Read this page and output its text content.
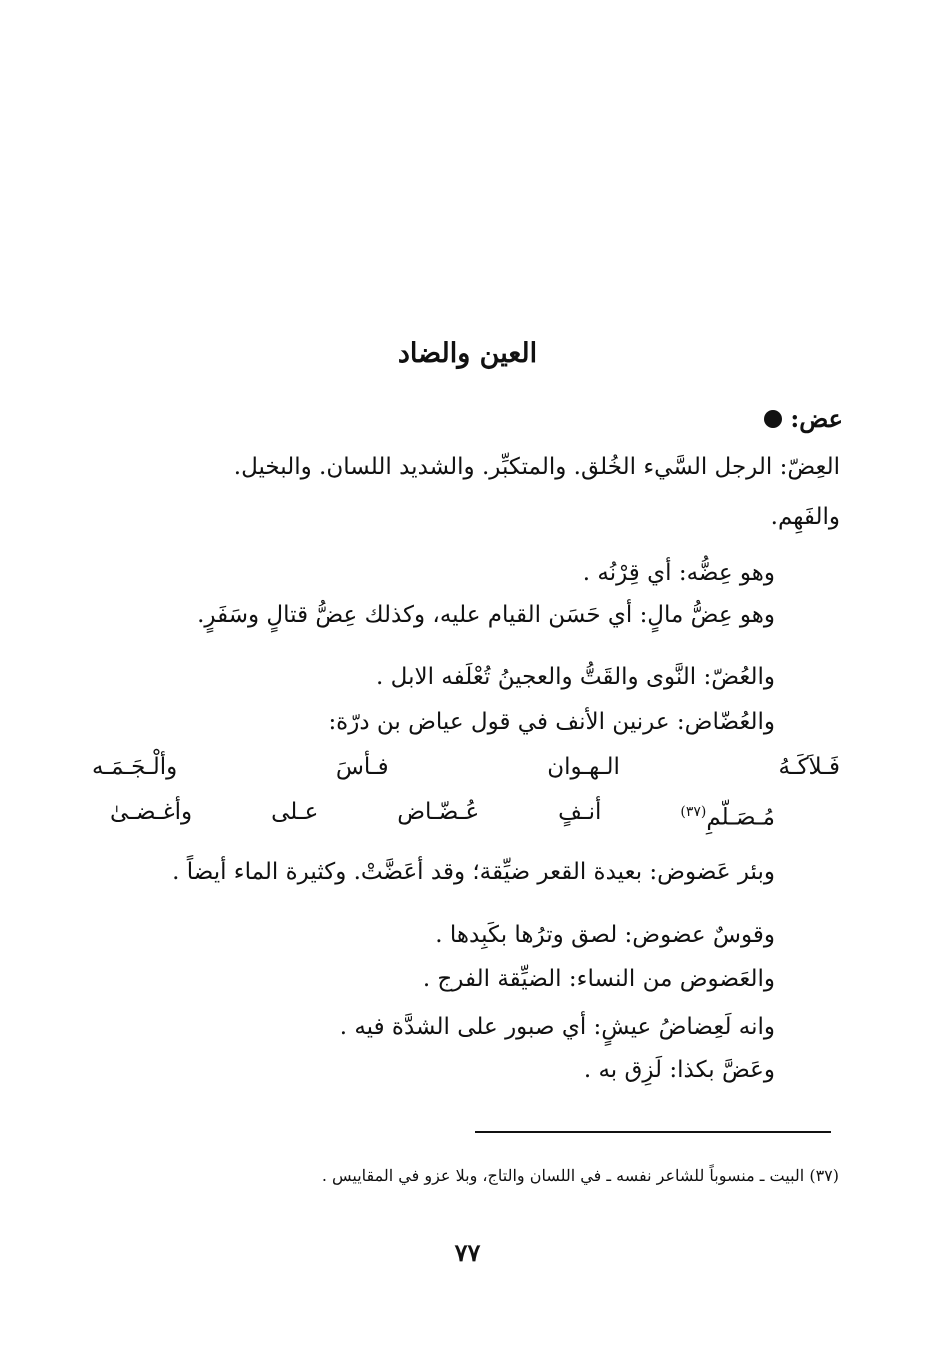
العين والضاد
عض:
العِضّ: الرجل السَّيء الخُلق. والمتكبِّر. والشديد اللسان. والبخيل.
والفَهِم.
وهو عِضُّه: أي قِرْنُه .
وهو عِضُّ مالٍ: أي حَسَن القيام عليه، وكذلك عِضُّ قتالٍ وسَفَرٍ.
والعُضّ: النَّوى والقَتُّ والعجينُ تُعْلَفه الابل .
والعُضّاض: عرنين الأنف في قول عياض بن درّة:
وألْـجَـمَـه	فـأسَ	الـهـوان	فَـلاَكَـهُ
وأغـضـىٰ	عـلى	عُـضّـاض	أنـفٍ	مُـصَـلّمِ$^{(٣٧)}$
وبئر عَضوض: بعيدة القعر ضيِّقة؛ وقد أعَضَّتْ. وكثيرة الماء أيضاً .
وقوسٌ عضوض: لصق وترُها بكَبِدها .
والعَضوض من النساء: الضيِّقة الفرج .
وانه لَعِضاضُ عيشٍ: أي صبور على الشدَّة فيه .
وعَضَّ بكذا: لَزِق به .
(٣٧) البيت ـ منسوباً للشاعر نفسه ـ في اللسان والتاج، وبلا عزو في المقاييس .
٧٧
